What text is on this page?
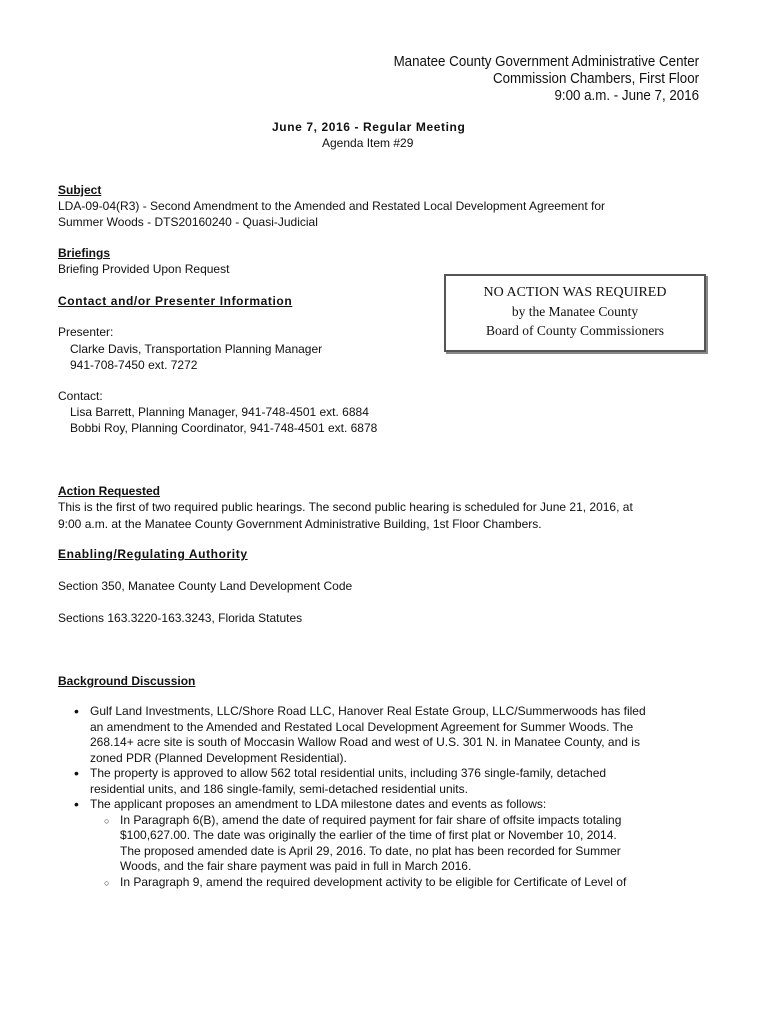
Manatee County Government Administrative Center
Commission Chambers, First Floor
9:00 a.m. - June 7, 2016
June 7, 2016 - Regular Meeting
Agenda Item #29
Subject
LDA-09-04(R3) - Second Amendment to the Amended and Restated Local Development Agreement for
Summer Woods - DTS20160240 - Quasi-Judicial
Briefings
Briefing Provided Upon Request
Contact and/or Presenter Information
Presenter:
Clarke Davis, Transportation Planning Manager
941-708-7450 ext. 7272
Contact:
Lisa Barrett, Planning Manager, 941-748-4501 ext. 6884
Bobbi Roy, Planning Coordinator, 941-748-4501 ext. 6878
NO ACTION WAS REQUIRED
by the Manatee County
Board of County Commissioners
Action Requested
This is the first of two required public hearings. The second public hearing is scheduled for June 21, 2016, at
9:00 a.m. at the Manatee County Government Administrative Building, 1st Floor Chambers.
Enabling/Regulating Authority
Section 350, Manatee County Land Development Code
Sections 163.3220-163.3243, Florida Statutes
Background Discussion
• Gulf Land Investments, LLC/Shore Road LLC, Hanover Real Estate Group, LLC/Summerwoods has filed
an amendment to the Amended and Restated Local Development Agreement for Summer Woods. The
268.14+ acre site is south of Moccasin Wallow Road and west of U.S. 301 N. in Manatee County, and is
zoned PDR (Planned Development Residential).
• The property is approved to allow 562 total residential units, including 376 single-family, detached
residential units, and 186 single-family, semi-detached residential units.
• The applicant proposes an amendment to LDA milestone dates and events as follows:
○ In Paragraph 6(B), amend the date of required payment for fair share of offsite impacts totaling
$100,627.00. The date was originally the earlier of the time of first plat or November 10, 2014.
The proposed amended date is April 29, 2016. To date, no plat has been recorded for Summer
Woods, and the fair share payment was paid in full in March 2016.
○ In Paragraph 9, amend the required development activity to be eligible for Certificate of Level of
